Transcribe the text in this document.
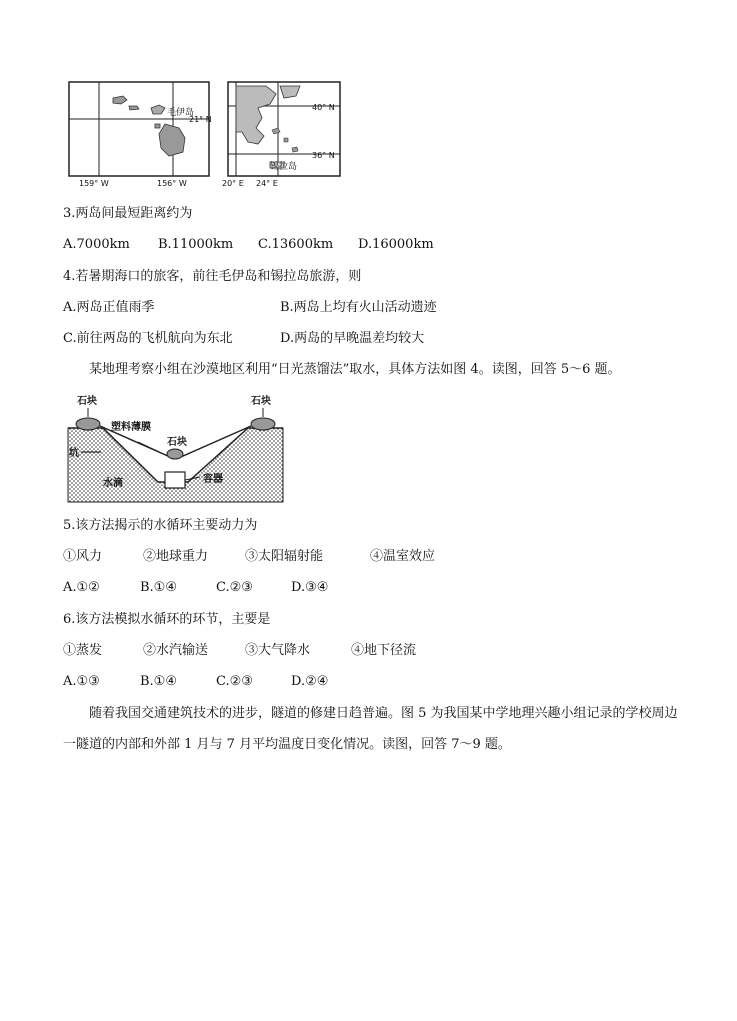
毛伊岛
21° N
159° W	156° W
40° N
36° N
锡拉岛
20° E 24° E
3.两岛间最短距离约为
A.7000km B.11000km C.13600km D.16000km
4.若暑期海口的旅客，前往毛伊岛和锡拉岛旅游，则
A.两岛正值雨季	B.两岛上均有火山活动遗迹
C.前往两岛的飞机航向为东北	D.两岛的早晚温差均较大
某地理考察小组在沙漠地区利用“日光蒸馏法”取水，具体方法如图 4。读图，回答 5～6 题。
石块	石块
塑料薄膜
石块
坑
水滴	容器
5.该方法揭示的水循环主要动力为
①风力	②地球重力	③太阳辐射能	④温室效应
A.①②	B.①④	C.②③	D.③④
6.该方法模拟水循环的环节，主要是
①蒸发	②水汽输送	③大气降水	④地下径流
A.①③	B.①④	C.②③	D.②④
随着我国交通建筑技术的进步，隧道的修建日趋普遍。图 5 为我国某中学地理兴趣小组记录的学校周边一隧道的内部和外部 1 月与 7 月平均温度日变化情况。读图，回答 7～9 题。
